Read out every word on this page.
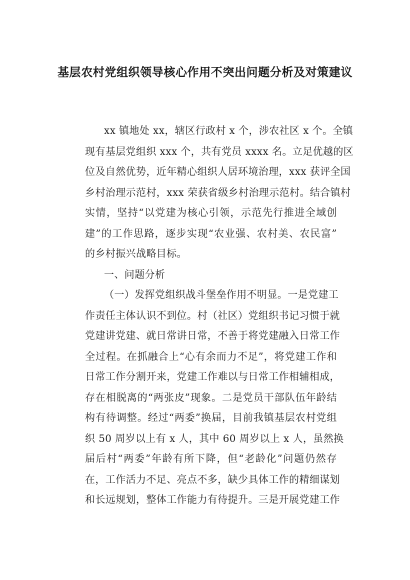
基层农村党组织领导核心作用不突出问题分析及对策建议
xx 镇地处 xx，辖区行政村 x 个，涉农社区 x 个。全镇
现有基层党组织 xxx 个，共有党员 xxxx 名。立足优越的区
位及自然优势，近年精心组织人居环境治理，xxx 获评全国
乡村治理示范村，xxx 荣获省级乡村治理示范村。结合镇村
实情，坚持“以党建为核心引领，示范先行推进全域创
建”的工作思路，逐步实现“农业强、农村美、农民富”
的乡村振兴战略目标。
一、问题分析
（一）发挥党组织战斗堡垒作用不明显。一是党建工
作责任主体认识不到位。村（社区）党组织书记习惯于就
党建讲党建、就日常讲日常，不善于将党建融入日常工作
全过程。在抓融合上“心有余而力不足”，将党建工作和
日常工作分割开来，党建工作难以与日常工作相辅相成，
存在相脱离的“两张皮”现象。二是党员干部队伍年龄结
构有待调整。经过“两委”换届，目前我镇基层农村党组
织 50 周岁以上有 x 人，其中 60 周岁以上 x 人，虽然换
届后村“两委”年龄有所下降，但“老龄化”问题仍然存
在，工作活力不足、亮点不多，缺少具体工作的精细谋划
和长远规划，整体工作能力有待提升。三是开展党建工作
